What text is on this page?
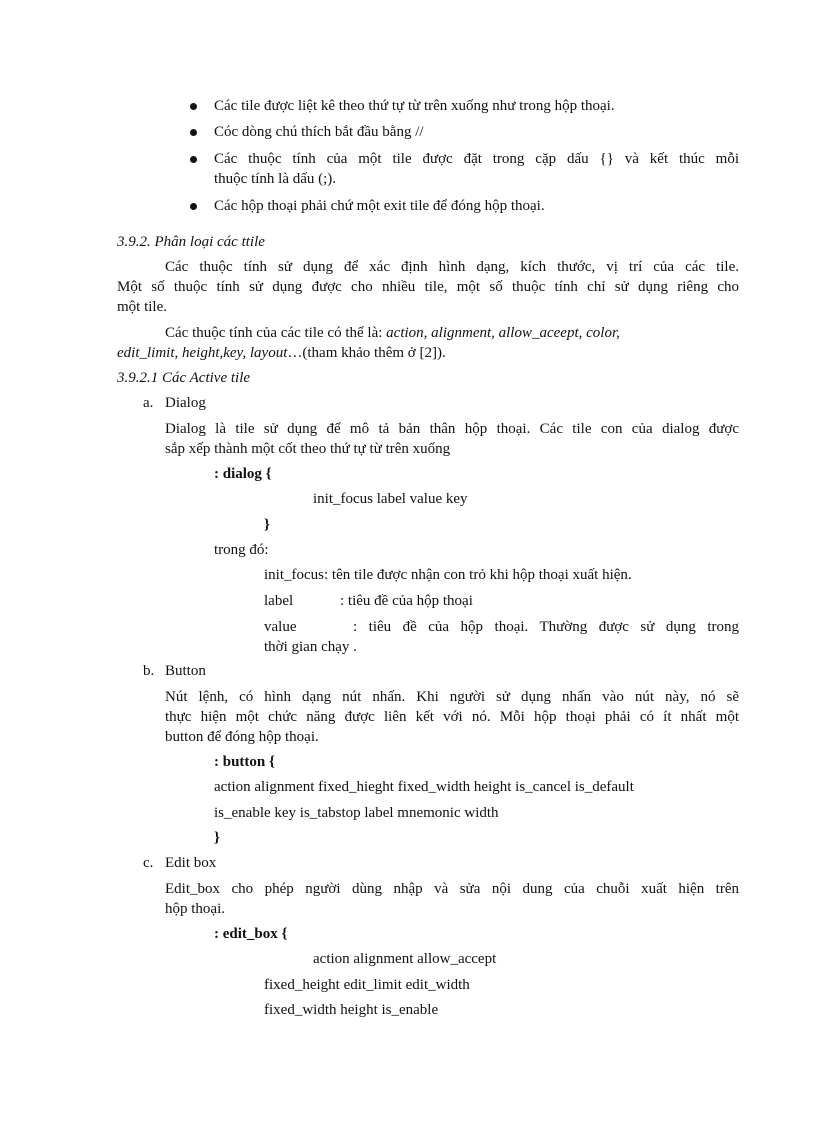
Các tile được liệt kê theo thứ tự từ trên xuống như trong hộp thoại.
Cóc dòng chú thích bắt đầu bằng //
Các thuộc tính của một tile được đặt trong cặp dấu {} và kết thúc mỗi
thuộc tính là dấu (;).
Các hộp thoại phải chứ một exit tile để đóng hộp thoại.
3.9.2. Phân loại các ttile
Các thuộc tính sử dụng để xác định hình dạng, kích thước, vị trí của các tile.
Một số thuộc tính sử dụng được cho nhiều tile, một số thuộc tính chỉ sử dụng riêng cho
một tile.
Các thuộc tính của các tile có thể là: action, alignment, allow_aceept, color,
edit_limit, height,key, layout…(tham khảo thêm ở [2]).
3.9.2.1 Các Active tile
a. Dialog
Dialog là tile sử dụng để mô tả bản thân hộp thoại. Các tile con của dialog được
sắp xếp thành một cốt theo thứ tự từ trên xuống
: dialog {
init_focus label value key
}
trong đó:
init_focus: tên tile được nhận con trỏ khi hộp thoại xuất hiện.
label	: tiêu đề của hộp thoại
value	: tiêu đề của hộp thoại. Thường được sử dụng trong
thời gian chạy .
b. Button
Nút lệnh, có hình dạng nút nhấn. Khi người sử dụng nhấn vào nút này, nó sẽ
thực hiện một chức năng được liên kết với nó. Mỗi hộp thoại phải có ít nhất một
button để đóng hộp thoại.
: button {
action alignment fixed_hieght fixed_width height is_cancel is_default
is_enable key is_tabstop label mnemonic width
}
c. Edit box
Edit_box cho phép người dùng nhập và sửa nội dung của chuỗi xuất hiện trên
hộp thoại.
: edit_box {
action alignment allow_accept
fixed_height edit_limit edit_width
fixed_width height is_enable
